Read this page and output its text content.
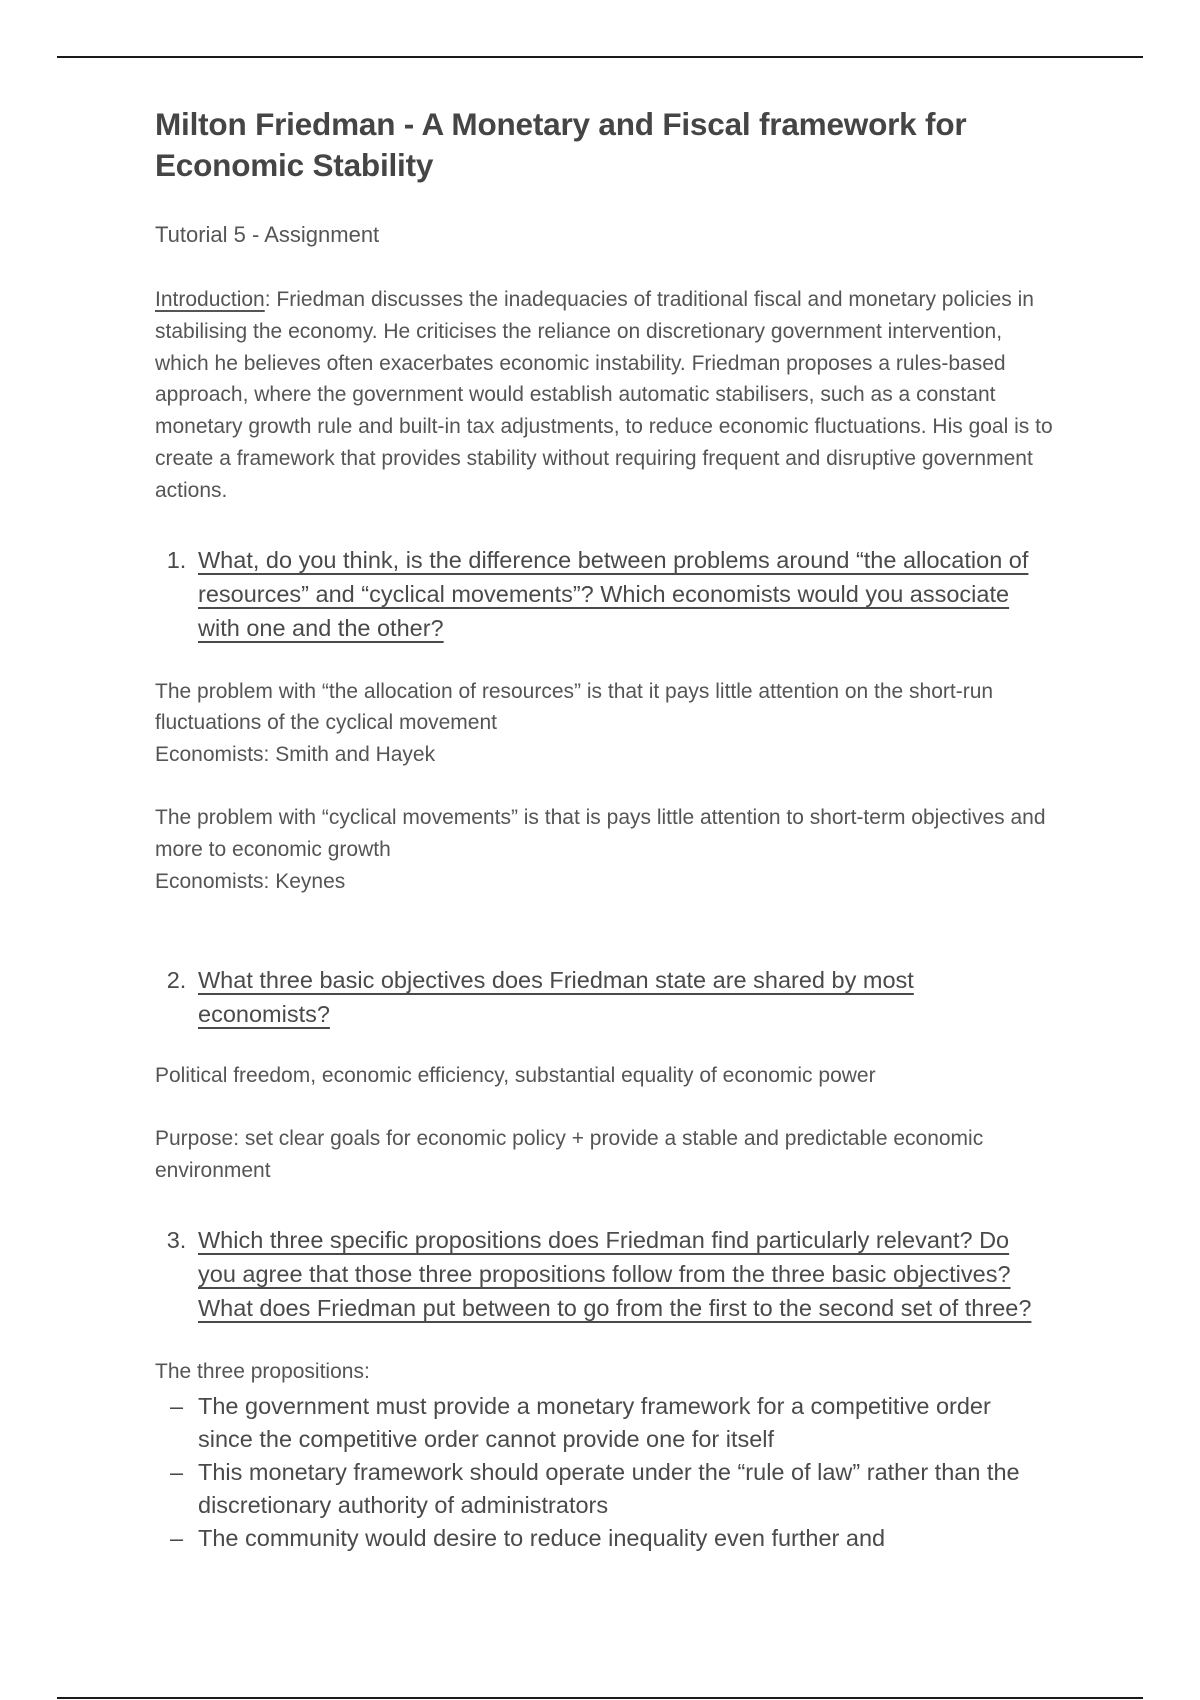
Milton Friedman - A Monetary and Fiscal framework for Economic Stability
Tutorial 5 - Assignment

Introduction: Friedman discusses the inadequacies of traditional fiscal and monetary policies in stabilising the economy. He criticises the reliance on discretionary government intervention, which he believes often exacerbates economic instability. Friedman proposes a rules-based approach, where the government would establish automatic stabilisers, such as a constant monetary growth rule and built-in tax adjustments, to reduce economic fluctuations. His goal is to create a framework that provides stability without requiring frequent and disruptive government actions.

1. What, do you think, is the difference between problems around “the allocation of resources” and “cyclical movements”? Which economists would you associate with one and the other?

The problem with “the allocation of resources” is that it pays little attention on the short-run fluctuations of the cyclical movement
Economists: Smith and Hayek

The problem with “cyclical movements” is that is pays little attention to short-term objectives and more to economic growth
Economists: Keynes

2. What three basic objectives does Friedman state are shared by most economists?

Political freedom, economic efficiency, substantial equality of economic power

Purpose: set clear goals for economic policy + provide a stable and predictable economic environment

3. Which three specific propositions does Friedman find particularly relevant? Do you agree that those three propositions follow from the three basic objectives? What does Friedman put between to go from the first to the second set of three?

The three propositions:

– The government must provide a monetary framework for a competitive order since the competitive order cannot provide one for itself
– This monetary framework should operate under the “rule of law” rather than the discretionary authority of administrators
– The community would desire to reduce inequality even further and
